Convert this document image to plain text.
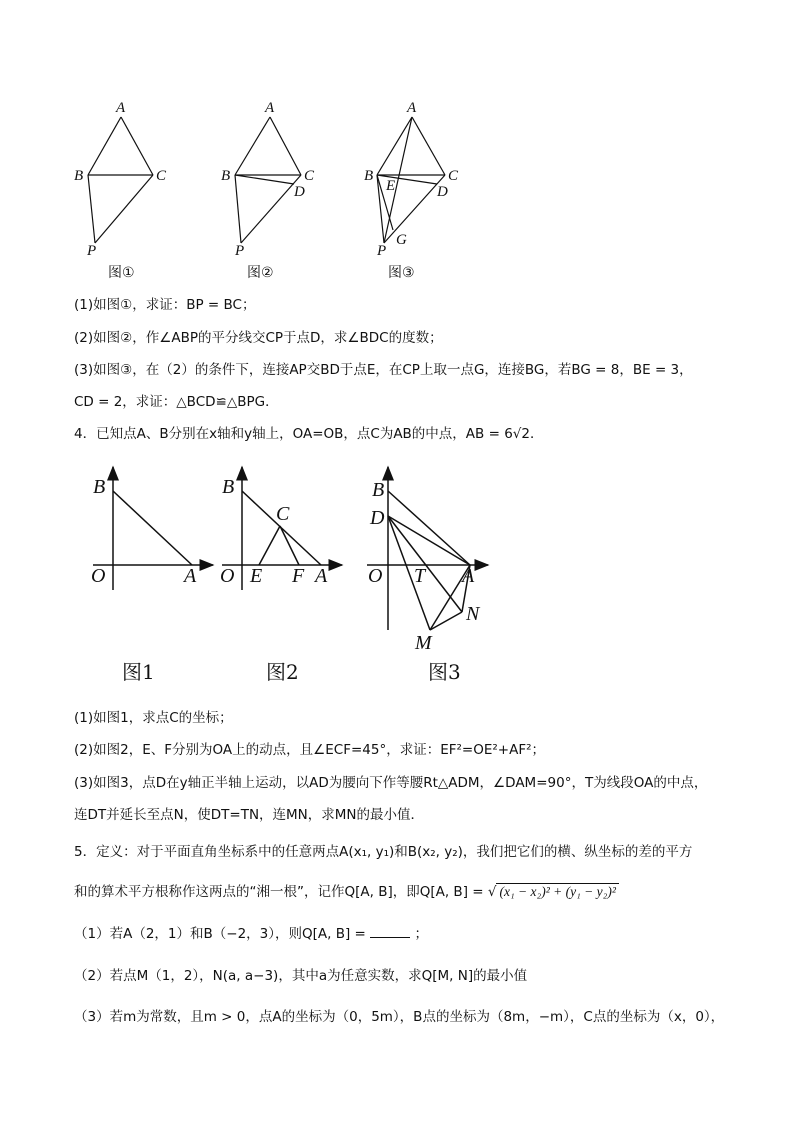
A
B	C
P
图①
A
B	C
D
P
图②
A
B	C
E	D
G
P
图③
(1)如图①，求证：BP = BC；
(2)如图②，作∠ABP的平分线交CP于点D，求∠BDC的度数；
(3)如图③，在（2）的条件下，连接AP交BD于点E，在CP上取一点G，连接BG，若BG = 8，BE = 3，
CD = 2，求证：△BCD≌△BPG．
4．已知点A、B分别在x轴和y轴上，OA=OB，点C为AB的中点，AB = 6√2．
B
O	A
图1
B
C
O E F A
图2
B
D
O T A
N
M
图3
(1)如图1，求点C的坐标；
(2)如图2，E、F分别为OA上的动点，且∠ECF=45°，求证：EF²=OE²+AF²；
(3)如图3，点D在y轴正半轴上运动，以AD为腰向下作等腰Rt△ADM，∠DAM=90°，T为线段OA的中点，
连DT并延长至点N，使DT=TN，连MN，求MN的最小值．
5．定义：对于平面直角坐标系中的任意两点A(x₁, y₁)和B(x₂, y₂)，我们把它们的横、纵坐标的差的平方
和的算术平方根称作这两点的“湘一根”，记作Q[A, B]，即Q[A, B] = √ (x₁ − x₂)² + (y₁ − y₂)²
（1）若A（2，1）和B（−2，3），则Q[A, B] =	；
（2）若点M（1，2），N(a, a−3)，其中a为任意实数，求Q[M, N]的最小值
（3）若m为常数，且m > 0，点A的坐标为（0，5m），B点的坐标为（8m，−m），C点的坐标为（x，0），
